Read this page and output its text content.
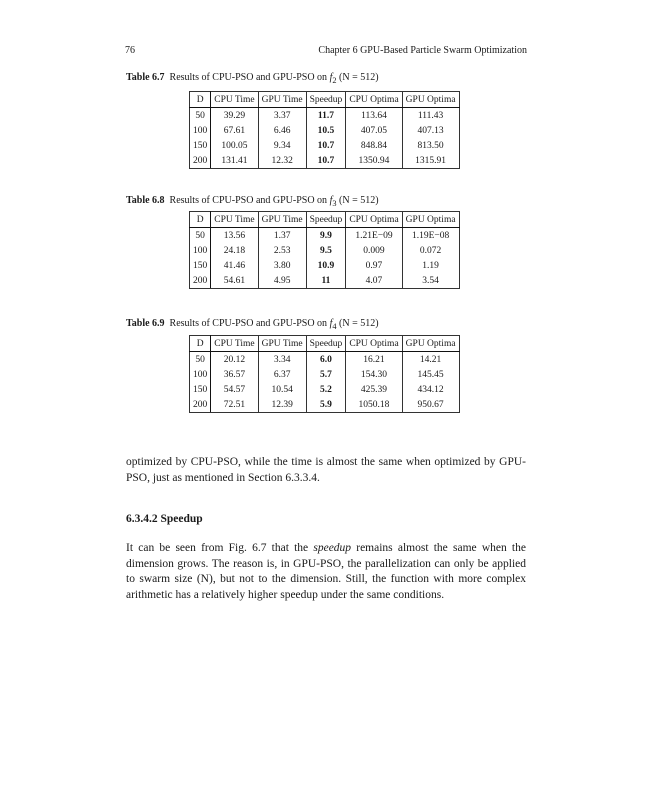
76	Chapter 6 GPU-Based Particle Swarm Optimization
Table 6.7 Results of CPU-PSO and GPU-PSO on $f_2$ (N = 512)
D	CPU Time	GPU Time	Speedup	CPU Optima	GPU Optima
50	39.29	3.37	11.7	113.64	111.43
100	67.61	6.46	10.5	407.05	407.13
150	100.05	9.34	10.7	848.84	813.50
200	131.41	12.32	10.7	1350.94	1315.91
Table 6.8 Results of CPU-PSO and GPU-PSO on $f_3$ (N = 512)
D	CPU Time	GPU Time	Speedup	CPU Optima	GPU Optima
50	13.56	1.37	9.9	1.21E−09	1.19E−08
100	24.18	2.53	9.5	0.009	0.072
150	41.46	3.80	10.9	0.97	1.19
200	54.61	4.95	11	4.07	3.54
Table 6.9 Results of CPU-PSO and GPU-PSO on $f_4$ (N = 512)
D	CPU Time	GPU Time	Speedup	CPU Optima	GPU Optima
50	20.12	3.34	6.0	16.21	14.21
100	36.57	6.37	5.7	154.30	145.45
150	54.57	10.54	5.2	425.39	434.12
200	72.51	12.39	5.9	1050.18	950.67

optimized by CPU-PSO, while the time is almost the same when optimized by GPU-PSO, just as mentioned in Section 6.3.3.4.

6.3.4.2 Speedup

It can be seen from Fig. 6.7 that the speedup remains almost the same when the dimension grows. The reason is, in GPU-PSO, the parallelization can only be applied to swarm size (N), but not to the dimension. Still, the function with more complex arithmetic has a relatively higher speedup under the same conditions.
